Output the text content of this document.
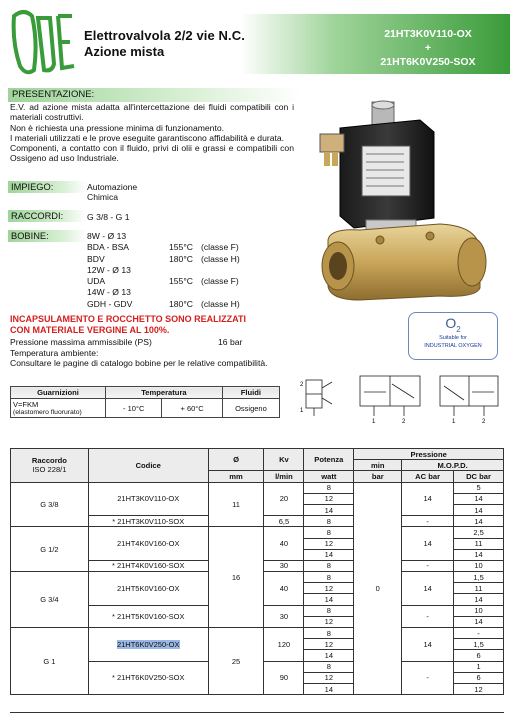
Elettrovalvola 2/2 vie N.C.
Azione mista
21HT3K0V110-OX
+
21HT6K0V250-SOX
PRESENTAZIONE:

E.V. ad azione mista adatta all'intercettazione dei fluidi compatibili con i materiali costruttivi.

Non è richiesta una pressione minima di funzionamento.

I materiali utilizzati e le prove eseguite garantiscono affidabilità e durata.

Componenti, a contatto con il fluido, privi di olii e grassi e compatibili con Ossigeno ad uso Industriale.

IMPIEGO:	Automazione
Chimica
RACCORDI:	G 3/8 - G 1
BOBINE:	8W - Ø 13
BDA - BSA	155°C (classe F)
BDV	180°C (classe H)
12W - Ø 13
UDA	155°C (classe F)
14W - Ø 13
GDH - GDV	180°C (classe H)
INCAPSULAMENTO E ROCCHETTO SONO REALIZZATI
CON MATERIALE VERGINE AL 100%.
Pressione massima ammissibile (PS)	16 bar
Temperatura ambiente:
Consultare le pagine di catalogo bobine per le relative compatibilità.
$O_2$
Suitable for
INDUSTRIAL OXYGEN
Guarnizioni	Temperatura		Fluidi

V=FKM
(elastomero fluorurato)	- 10°C	+ 60°C	Ossigeno
2
1
1	2	1	2
Raccordo
ISO 228/1	Codice	Ø	Kv	Potenza	Pressione		
					min	M.O.P.D.	
		mm	l/min	watt	bar	AC bar	DC bar
G 3/8	21HT3K0V110-OX	11	20	8	0	14	5
				12			14
				14			14
	* 21HT3K0V110-SOX		6,5	8		-	14
G 1/2	21HT4K0V160-OX	16	40	8		14	2,5
				12			11
				14			14
	* 21HT4K0V160-SOX		30	8		-	10
G 3/4	21HT5K0V160-OX		40	8		14	1,5
				12			11
				14			14
	* 21HT5K0V160-SOX		30	8		-	10
				12			14
G 1	21HT6K0V250-OX	25	120	8		14	-
				12			1,5
				14			6
	* 21HT6K0V250-SOX		90	8		-	1
				12			6
				14			12
